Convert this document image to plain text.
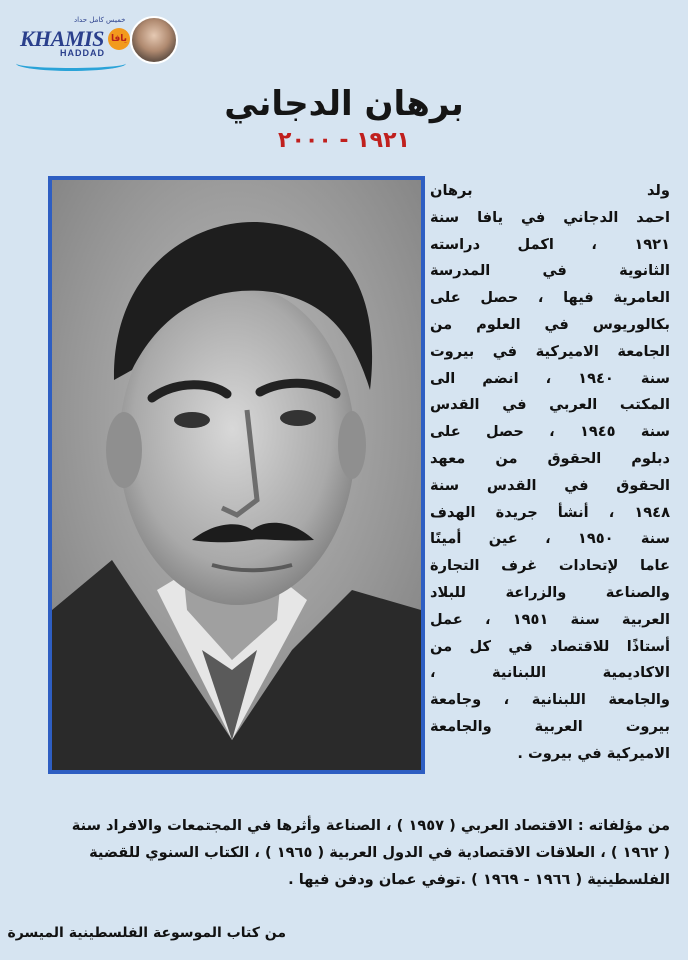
KHAMIS
خميس كامل حداد
يافا
HADDAD
برهان الدجاني
١٩٢١ - ٢٠٠٠
ولد برهان
احمد الدجاني في يافا سنة
١٩٢١ ، اكمل دراسته
الثانوية في المدرسة
العامرية فيها ، حصل على
بكالوريوس في العلوم من
الجامعة الاميركية في بيروت
سنة ١٩٤٠ ، انضم الى
المكتب العربي في القدس
سنة ١٩٤٥ ، حصل على
دبلوم الحقوق من معهد
الحقوق في القدس سنة
١٩٤٨ ، أنشأ جريدة الهدف
سنة ١٩٥٠ ، عين أمينًا
عاما لإتحادات غرف التجارة
والصناعة والزراعة للبلاد
العربية سنة ١٩٥١ ، عمل
أستاذًا للاقتصاد في كل من
الاكاديمية اللبنانية ،
والجامعة اللبنانية ، وجامعة
بيروت العربية والجامعة
الاميركية في بيروت .
من مؤلفاته : الاقتصاد العربي ( ١٩٥٧ ) ، الصناعة وأثرها في المجتمعات والافراد سنة
( ١٩٦٢ ) ، العلاقات الاقتصادية في الدول العربية ( ١٩٦٥ ) ، الكتاب السنوي للقضية
الفلسطينية ( ١٩٦٦ - ١٩٦٩ ) .توفي عمان ودفن فيها .
من كتاب الموسوعة الفلسطينية الميسرة
